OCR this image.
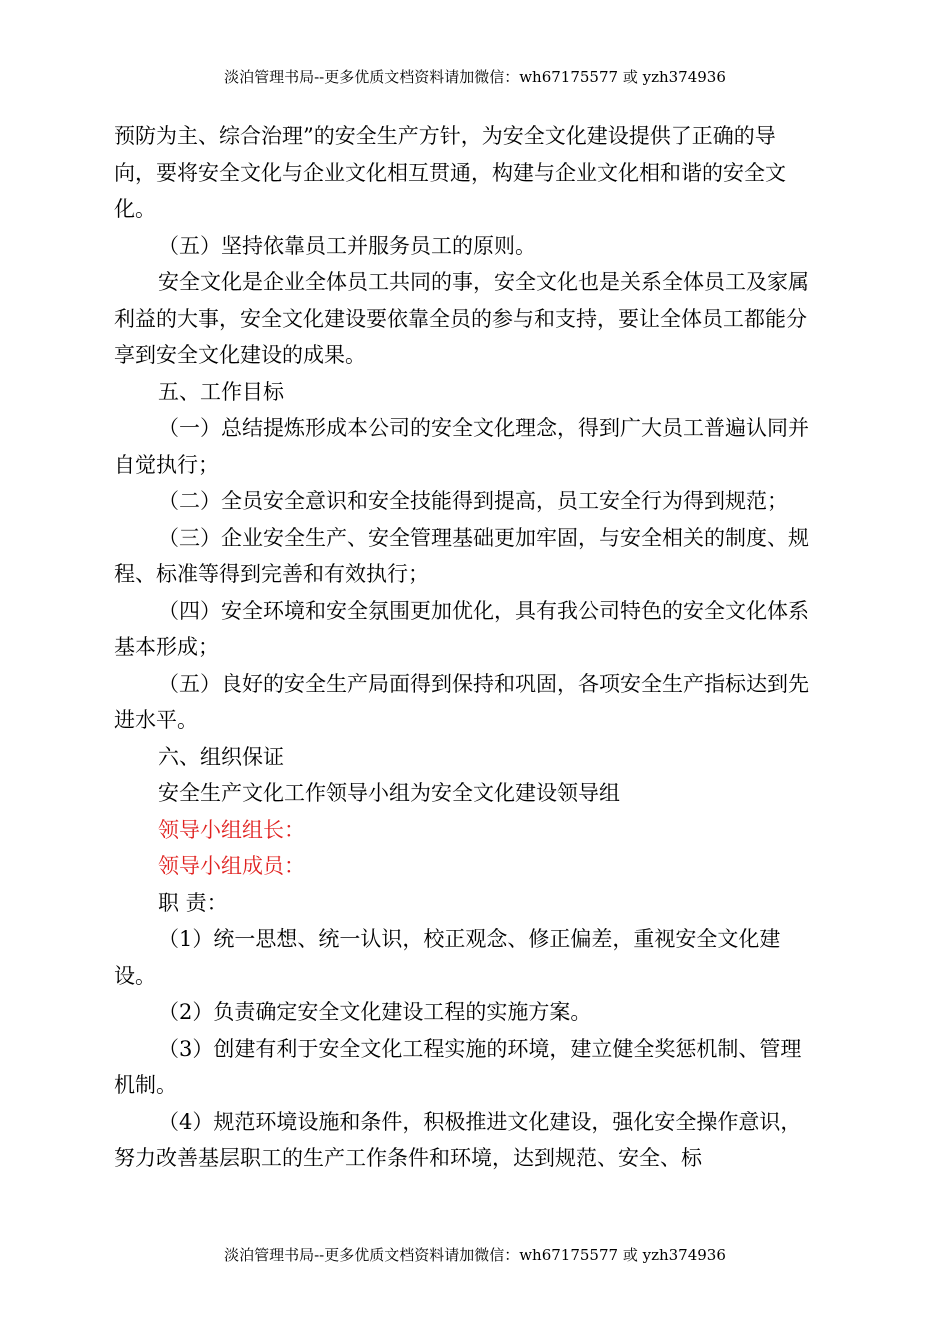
淡泊管理书局--更多优质文档资料请加微信：wh67175577 或 yzh374936

预防为主、综合治理”的安全生产方针，为安全文化建设提供了正确的导向，要将安全文化与企业文化相互贯通，构建与企业文化相和谐的安全文化。

（五）坚持依靠员工并服务员工的原则。

安全文化是企业全体员工共同的事，安全文化也是关系全体员工及家属利益的大事，安全文化建设要依靠全员的参与和支持，要让全体员工都能分享到安全文化建设的成果。

五、工作目标

（一）总结提炼形成本公司的安全文化理念，得到广大员工普遍认同并自觉执行；

（二）全员安全意识和安全技能得到提高，员工安全行为得到规范；

（三）企业安全生产、安全管理基础更加牢固，与安全相关的制度、规程、标准等得到完善和有效执行；

（四）安全环境和安全氛围更加优化，具有我公司特色的安全文化体系基本形成；

（五）良好的安全生产局面得到保持和巩固，各项安全生产指标达到先进水平。

六、组织保证

安全生产文化工作领导小组为安全文化建设领导组

领导小组组长：

领导小组成员：

职 责：

（1）统一思想、统一认识，校正观念、修正偏差，重视安全文化建设。

（2）负责确定安全文化建设工程的实施方案。

（3）创建有利于安全文化工程实施的环境，建立健全奖惩机制、管理机制。

（4）规范环境设施和条件，积极推进文化建设，强化安全操作意识，努力改善基层职工的生产工作条件和环境，达到规范、安全、标

淡泊管理书局--更多优质文档资料请加微信：wh67175577 或 yzh374936
